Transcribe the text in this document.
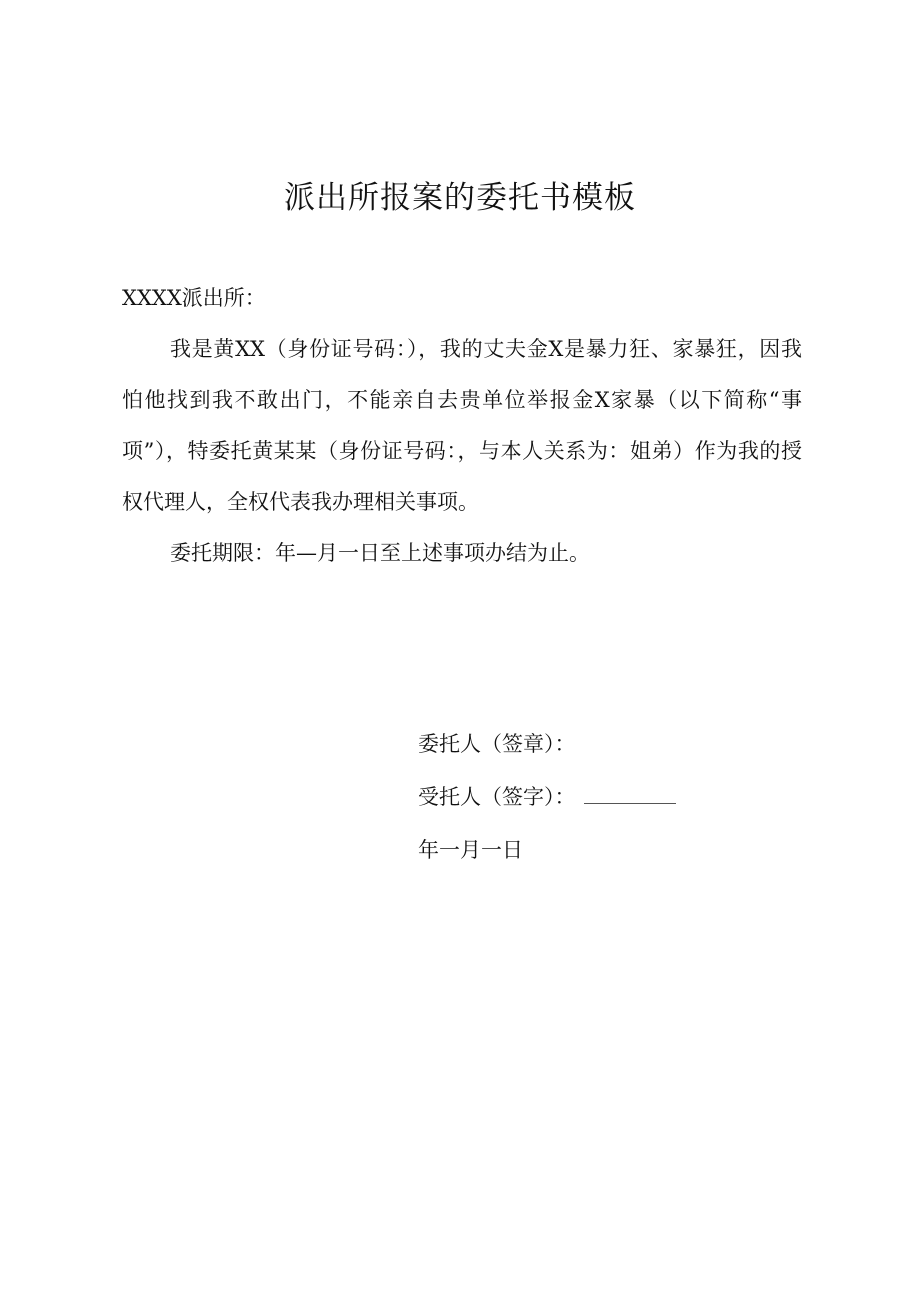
派出所报案的委托书模板
XXXX派出所：

我是黄XX（身份证号码：），我的丈夫金X是暴力狂、家暴狂，因我怕他找到我不敢出门，不能亲自去贵单位举报金X家暴（以下简称“事项”），特委托黄某某（身份证号码：，与本人关系为：姐弟）作为我的授权代理人，全权代表我办理相关事项。

委托期限：年—月一日至上述事项办结为止。

委托人（签章）：
受托人（签字）：
年一月一日
